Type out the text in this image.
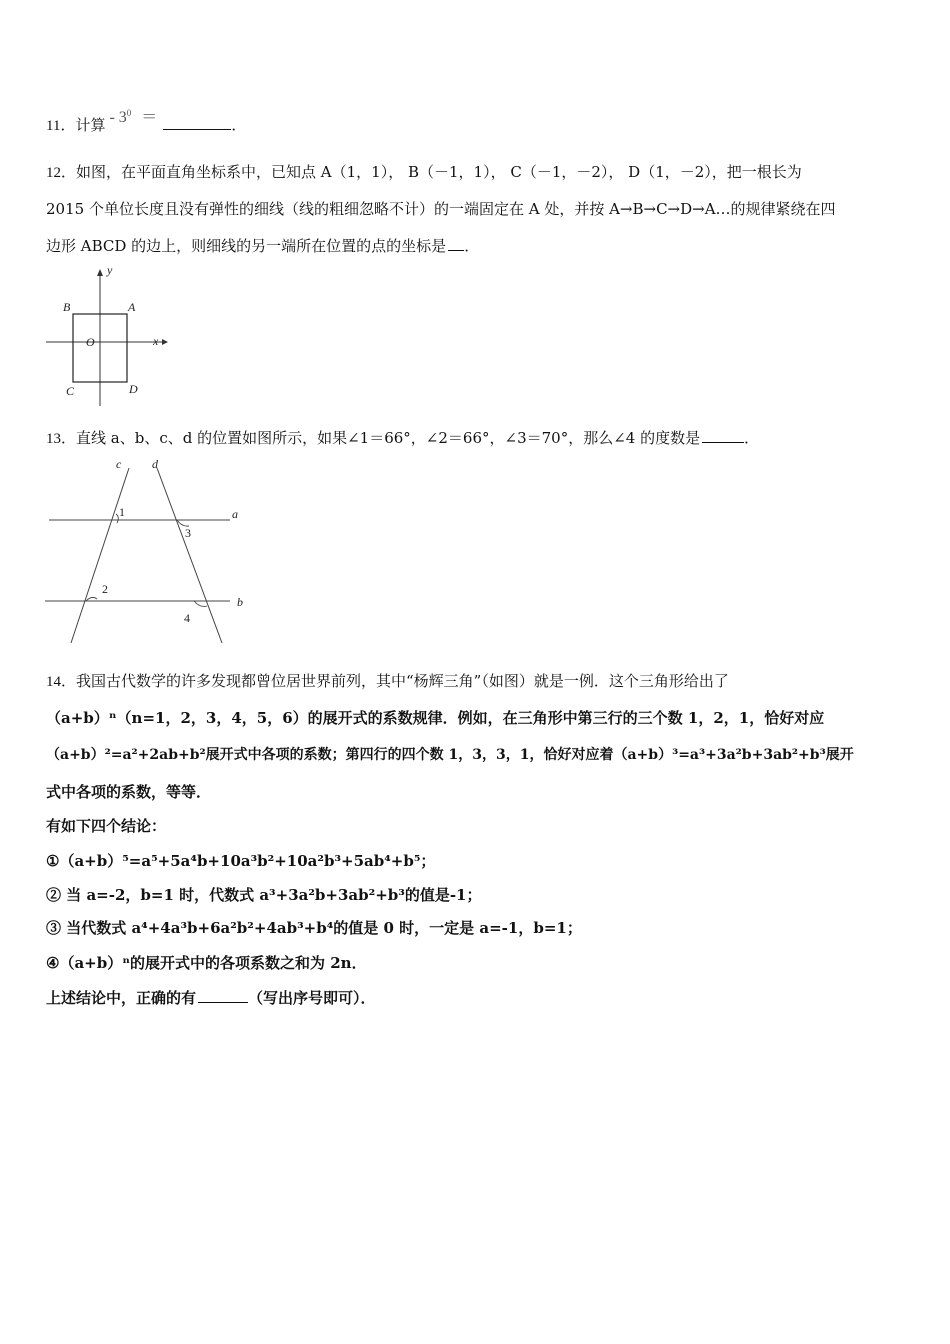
11．计算 - $3^0$ ＝	．
12．如图，在平面直角坐标系中，已知点 A（1，1）， B（－1，1）， C（－1，－2）， D（1，－2），把一根长为
2015 个单位长度且没有弹性的细线（线的粗细忽略不计）的一端固定在 A 处，并按 A→B→C→D→A…的规律紧绕在四
边形 ABCD 的边上，则细线的另一端所在位置的点的坐标是 ．
y
x
B	A
O
C	D
13．直线 a、b、c、d 的位置如图所示，如果∠1＝66°，∠2＝66°，∠3＝70°，那么∠4 的度数是	．
c	d
a
b
1
2
3
4
14．我国古代数学的许多发现都曾位居世界前列，其中“杨辉三角”（如图）就是一例．这个三角形给出了
（a+b）ⁿ（n=1，2，3，4，5，6）的展开式的系数规律．例如，在三角形中第三行的三个数 1，2，1，恰好对应
（a+b）²=a²+2ab+b²展开式中各项的系数；第四行的四个数 1，3，3，1，恰好对应着（a+b）³=a³+3a²b+3ab²+b³展开
式中各项的系数，等等．
有如下四个结论：
①（a+b）⁵=a⁵+5a⁴b+10a³b²+10a²b³+5ab⁴+b⁵；
② 当 a=-2，b=1 时，代数式 a³+3a²b+3ab²+b³的值是-1；
③ 当代数式 a⁴+4a³b+6a²b²+4ab³+b⁴的值是 0 时，一定是 a=-1，b=1；
④（a+b）ⁿ的展开式中的各项系数之和为 2n．
上述结论中，正确的有	（写出序号即可）．
